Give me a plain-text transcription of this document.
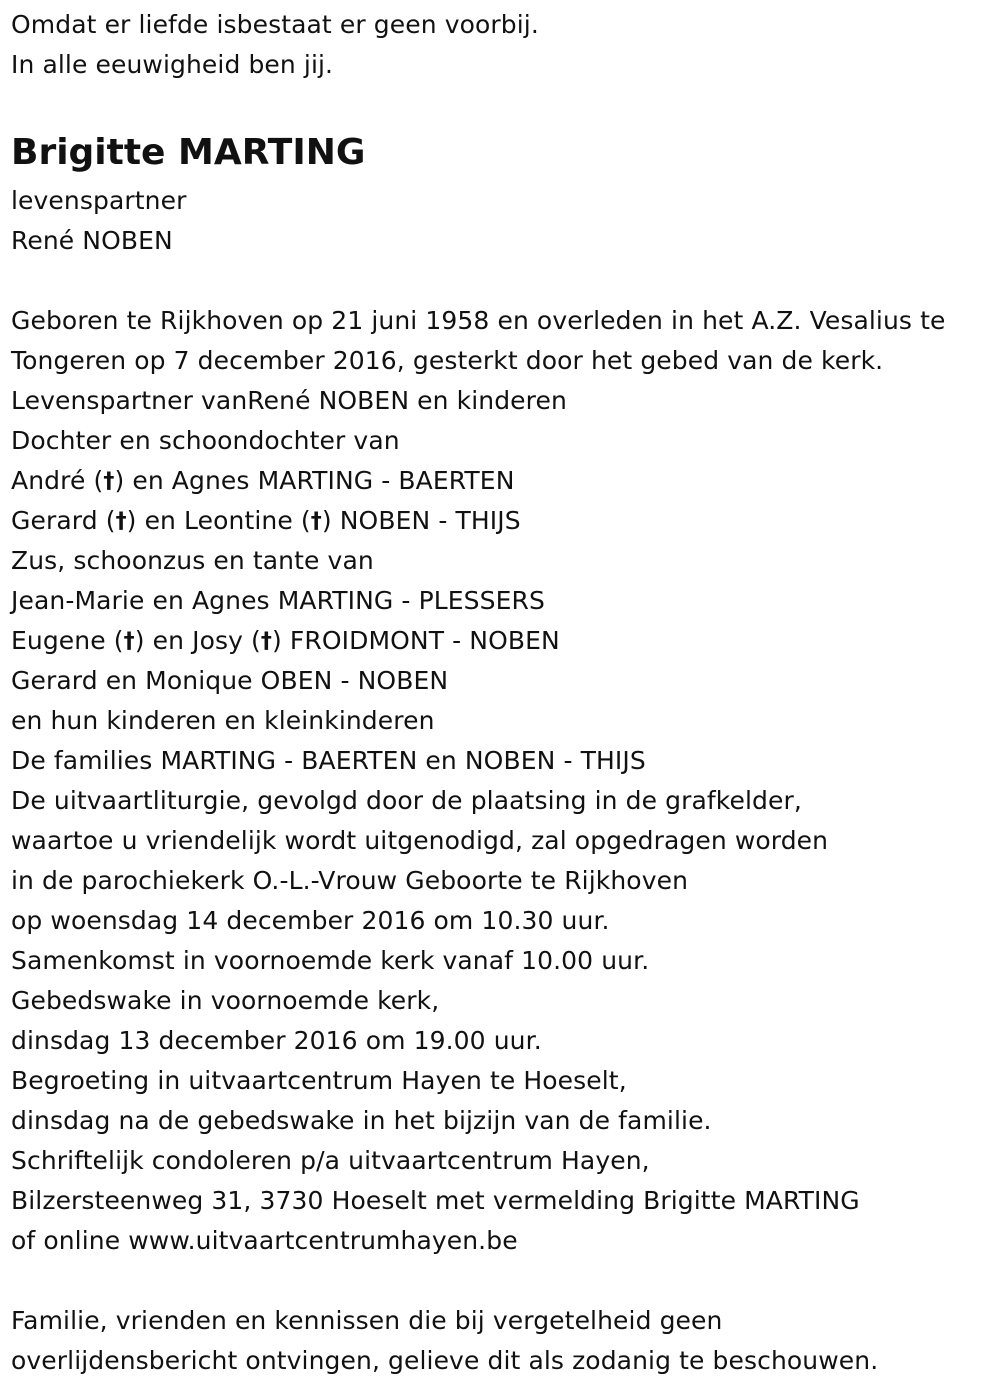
Omdat er liefde isbestaat er geen voorbij.
In alle eeuwigheid ben jij.
Brigitte MARTING
levenspartner
René NOBEN
Geboren te Rijkhoven op 21 juni 1958 en overleden in het A.Z. Vesalius te
Tongeren op 7 december 2016, gesterkt door het gebed van de kerk.
Levenspartner vanRené NOBEN en kinderen
Dochter en schoondochter van
André (†) en Agnes MARTING - BAERTEN
Gerard (†) en Leontine (†) NOBEN - THIJS
Zus, schoonzus en tante van
Jean-Marie en Agnes MARTING - PLESSERS
Eugene (†) en Josy (†) FROIDMONT - NOBEN
Gerard en Monique OBEN - NOBEN
en hun kinderen en kleinkinderen
De families MARTING - BAERTEN en NOBEN - THIJS
De uitvaartliturgie, gevolgd door de plaatsing in de grafkelder,
waartoe u vriendelijk wordt uitgenodigd, zal opgedragen worden
in de parochiekerk O.-L.-Vrouw Geboorte te Rijkhoven
op woensdag 14 december 2016 om 10.30 uur.
Samenkomst in voornoemde kerk vanaf 10.00 uur.
Gebedswake in voornoemde kerk,
dinsdag 13 december 2016 om 19.00 uur.
Begroeting in uitvaartcentrum Hayen te Hoeselt,
dinsdag na de gebedswake in het bijzijn van de familie.
Schriftelijk condoleren p/a uitvaartcentrum Hayen,
Bilzersteenweg 31, 3730 Hoeselt met vermelding Brigitte MARTING
of online www.uitvaartcentrumhayen.be
Familie, vrienden en kennissen die bij vergetelheid geen
overlijdensbericht ontvingen, gelieve dit als zodanig te beschouwen.
